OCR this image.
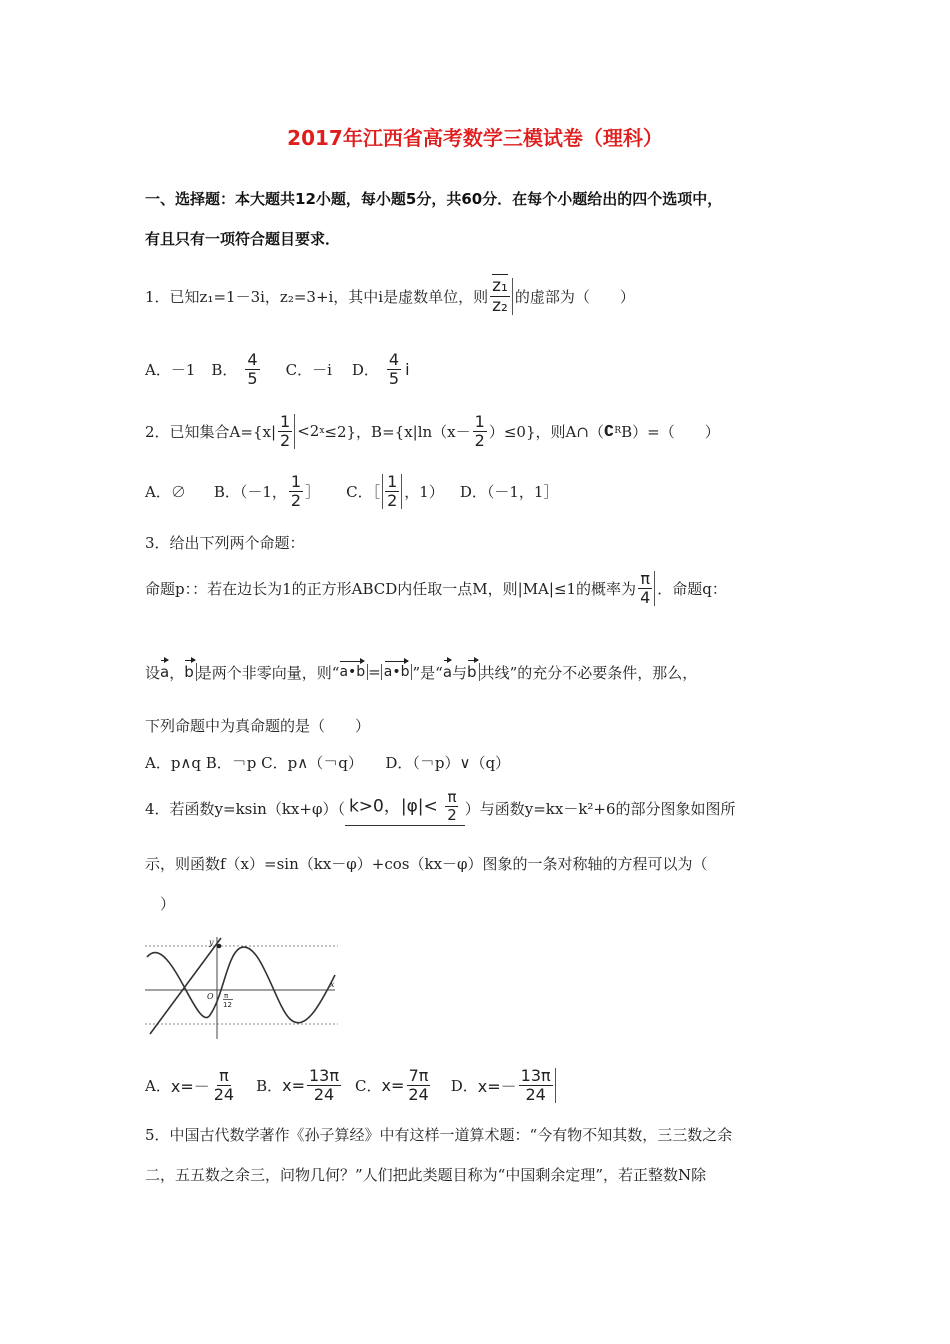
2017年江西省高考数学三模试卷（理科）
一、选择题：本大题共12小题，每小题5分，共60分．在每个小题给出的四个选项中，
有且只有一项符合题目要求．
1．已知z₁=1－3i，z₂=3+i，其中i是虚数单位，则 $\frac{\text{z₁}}{\text{z₂}}$ 的虚部为（　　）
A．－1 B． $\frac{4}{5}$ C．－i D． $\frac{4}{5}$ i
2．已知集合$A=\{x| \frac{1}{2} <2$ x ≤2}，$B=\{x|\ln(x- \frac{1}{2} )\le 0\}$，则A∩（ ∁ R B）=（　　）
A．∅ B．（－1， $\frac{1}{2}$ ］ C．［ $\frac{1}{2}$ ，1） D．（－1，1］
3．给出下列两个命题：
命题p：：若在边长为1的正方形ABCD内任取一点M，则|MA|≤1的概率为 $\frac{\pi}{4}$ ．命题q：
设 a ， b 是两个非零向量，则“ a•b = a•b ”是“ a 与 b 共线”的充分不必要条件，那么，
下列命题中为真命题的是（　　）
A．p∧q B．￢p C．p∧（￢q）　　D．（￢p）∨（q）
4．若函数y=ksin（kx+φ）（ k>0，$|\varphi|< \frac{\pi}{2}$ ）与函数y=kx－k²+6的部分图象如图所
示，则函数f（x）=sin（kx－φ）+cos（kx－φ）图象的一条对称轴的方程可以为（
　）
y
x
O π
12
A． $x=- \frac{\pi}{24}$ B． $x= \frac{13\pi}{24}$ C． $x= \frac{7\pi}{24}$ D． $x=- \frac{13\pi}{24}$
5．中国古代数学著作《孙子算经》中有这样一道算术题：“今有物不知其数，三三数之余
二，五五数之余三，问物几何？”人们把此类题目称为“中国剩余定理”，若正整数N除
